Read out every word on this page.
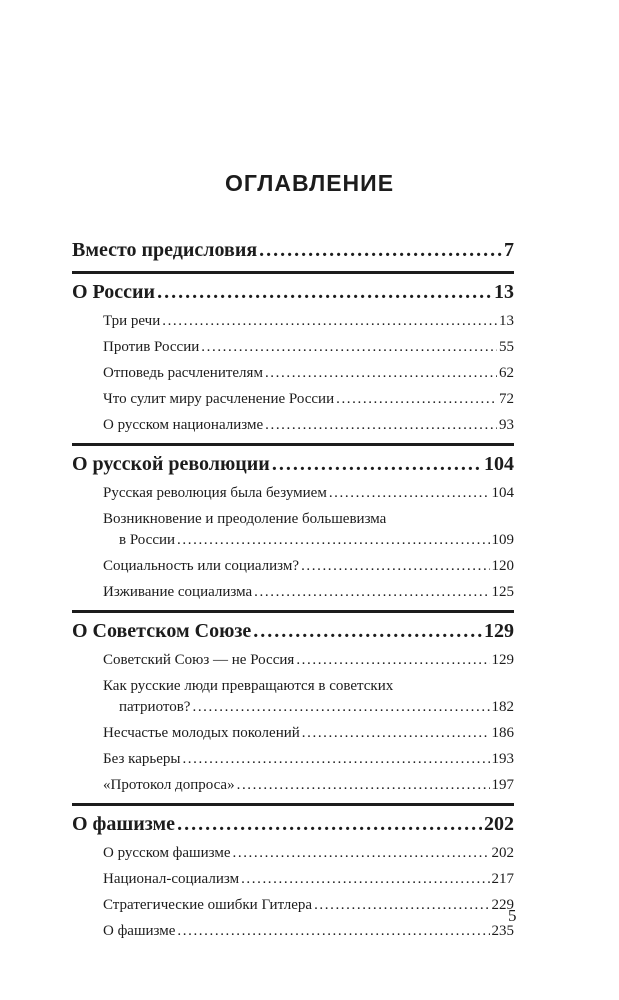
ОГЛАВЛЕНИЕ
Вместо предисловия .....	7
О России .....	13
Три речи .....	13
Против России .....	55
Отповедь расчленителям .....	62
Что сулит миру расчленение России .....	72
О русском национализме .....	93
О русской революции .....	104
Русская революция была безумием .....	104
Возникновение и преодоление большевизма
в России .....	109
Социальность или социализм? .....	120
Изживание социализма .....	125
О Советском Союзе .....	129
Советский Союз — не Россия .....	129
Как русские люди превращаются в советских
патриотов? .....	182
Несчастье молодых поколений .....	186
Без карьеры .....	193
«Протокол допроса» .....	197
О фашизме .....	202
О русском фашизме .....	202
Национал-социализм .....	217
Стратегические ошибки Гитлера .....	229
О фашизме .....	235

5
